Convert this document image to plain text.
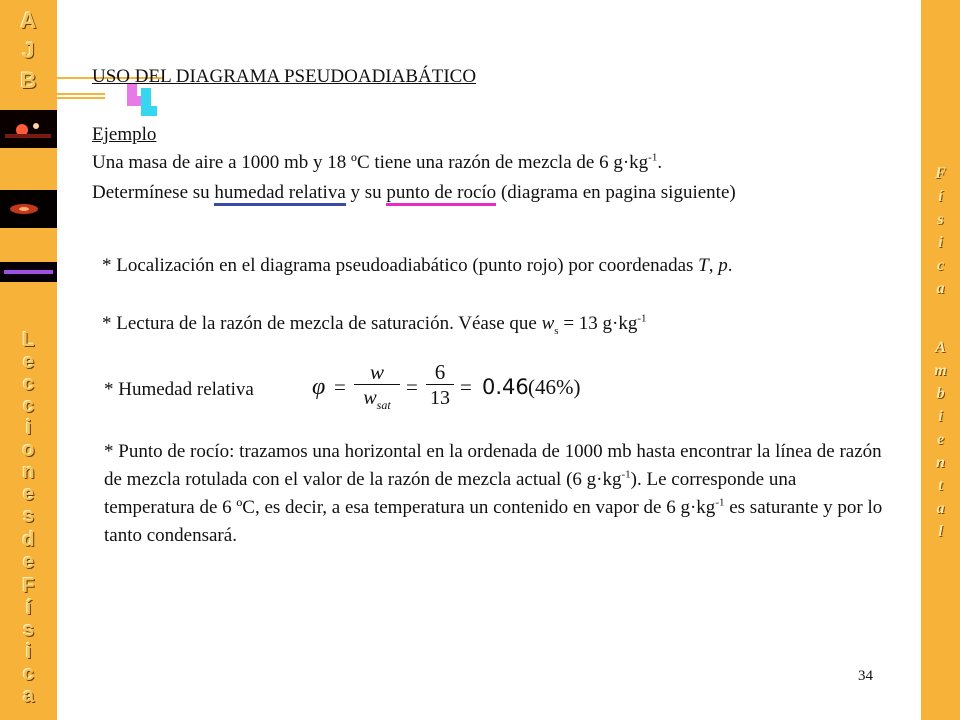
A
J
B
L
e
c
c
i
o
n
e
s
d
e
F
í
s
i
c
a
F
í
s
i
c
a
A
m
b
i
e
n
t
a
l
USO DEL DIAGRAMA PSEUDOADIABÁTICO
Ejemplo
Una masa de aire a 1000 mb y 18 ºC tiene una razón de mezcla de 6 $g\cdot kg^{-1}$.
Determínese su humedad relativa y su punto de rocío (diagrama en pagina siguiente)
* Localización en el diagrama pseudoadiabático (punto rojo) por coordenadas T, p.
* Lectura de la razón de mezcla de saturación. Véase que $w_s = 13$ $g\cdot kg^{-1}$
* Humedad relativa φ =
w
$w_{sat}$
=
6
13 = 0.46 (46%)
* Punto de rocío: trazamos una horizontal en la ordenada de 1000 mb hasta encontrar la línea de razón de mezcla rotulada con el valor de la razón de mezcla actual (6 $g\cdot kg^{-1}$). Le corresponde una temperatura de 6 ºC, es decir, a esa temperatura un contenido en vapor de 6 $g\cdot kg^{-1}$ es saturante y por lo tanto condensará.
34
